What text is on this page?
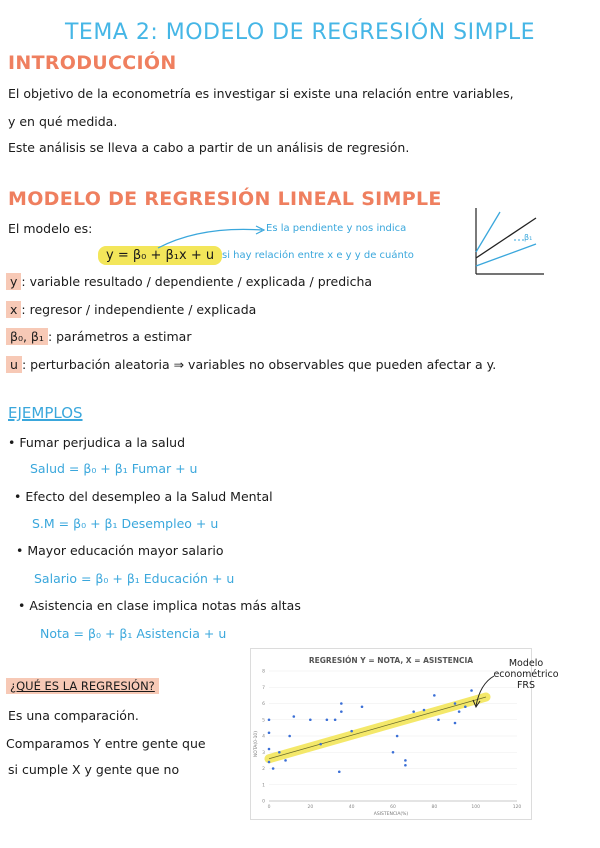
TEMA 2: MODELO DE REGRESIÓN SIMPLE
INTRODUCCIÓN
El objetivo de la econometría es investigar si existe una relación entre variables,
y en qué medida.
Este análisis se lleva a cabo a partir de un análisis de regresión.
MODELO DE REGRESIÓN LINEAL SIMPLE
El modelo es:
y = β₀ + β₁x + u
Es la pendiente y nos indica
si hay relación entre x e y y de cuánto
β₁
y : variable resultado / dependiente / explicada / predicha
x : regresor / independiente / explicada
β₀, β₁ : parámetros a estimar
u : perturbación aleatoria ⇒ variables no observables que pueden afectar a y.
EJEMPLOS
• Fumar perjudica a la salud
Salud = β₀ + β₁ Fumar + u
• Efecto del desempleo a la Salud Mental
S.M = β₀ + β₁ Desempleo + u
• Mayor educación mayor salario
Salario = β₀ + β₁ Educación + u
• Asistencia en clase implica notas más altas
Nota = β₀ + β₁ Asistencia + u
¿QUÉ ES LA REGRESIÓN?
Es una comparación.
Comparamos Y entre gente que
si cumple X y gente que no
REGRESIÓN Y = NOTA, X = ASISTENCIA
0
1
2
3
4
5
6
7
8
0	20	40	60	80	100	120
ASISTENCIA(%)
NOTA(0-10)
Modelo
econométrico
FRS
